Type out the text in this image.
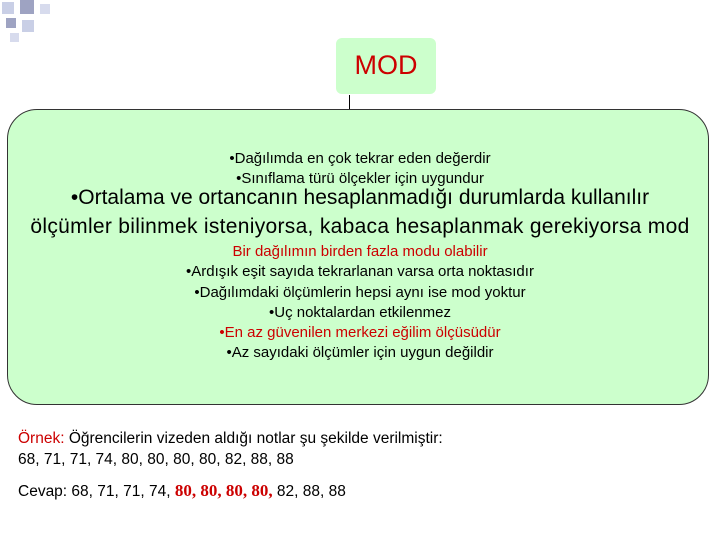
MOD
•Dağılımda en çok tekrar eden değerdir
•Sınıflama türü ölçekler için uygundur
•Ortalama ve ortancanın hesaplanmadığı durumlarda kullanılır
ölçümler bilinmek isteniyorsa, kabaca hesaplanmak gerekiyorsa mod
Bir dağılımın birden fazla modu olabilir
•Ardışık eşit sayıda tekrarlanan varsa orta noktasıdır
•Dağılımdaki ölçümlerin hepsi aynı ise mod yoktur
•Uç noktalardan etkilenmez
•En az güvenilen merkezi eğilim ölçüsüdür
•Az sayıdaki ölçümler için uygun değildir
Örnek: Öğrencilerin vizeden aldığı notlar şu şekilde verilmiştir:
68, 71, 71, 74, 80, 80, 80, 80, 82, 88, 88
Cevap: 68, 71, 71, 74, 80, 80, 80, 80, 82, 88, 88
